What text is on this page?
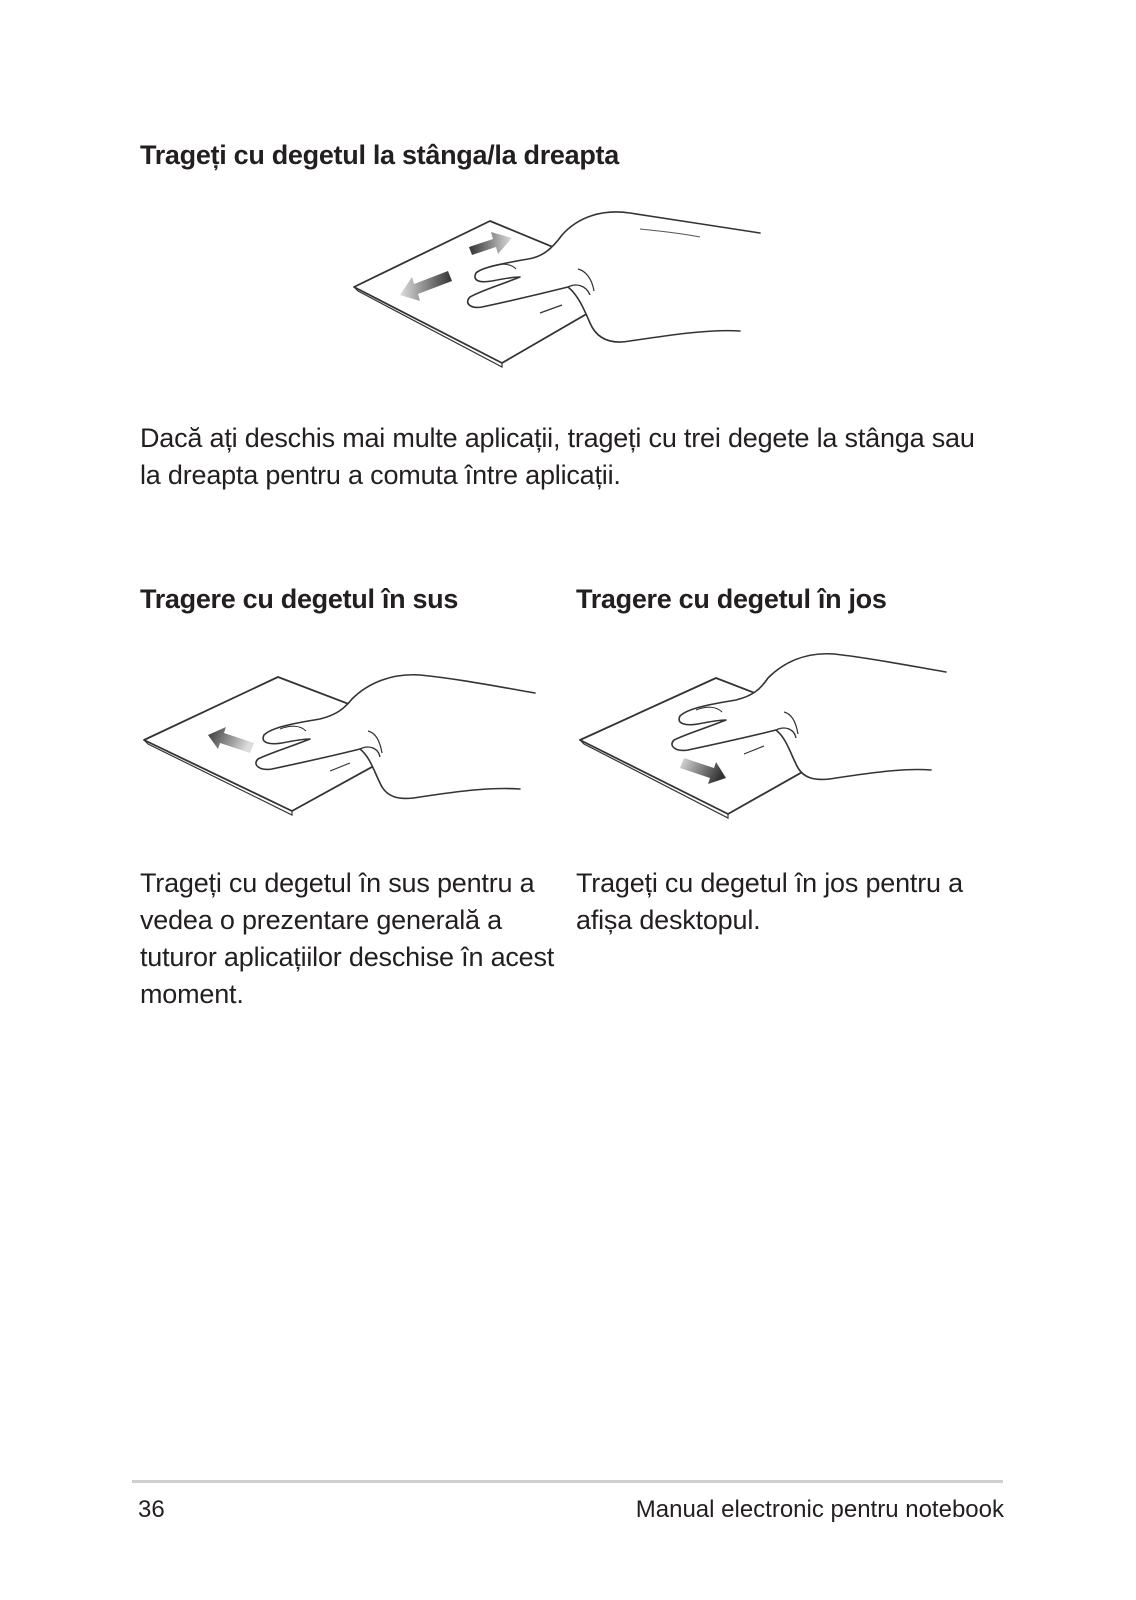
Trageți cu degetul la stânga/la dreapta

Dacă ați deschis mai multe aplicații, trageți cu trei degete la stânga sau la dreapta pentru a comuta între aplicații.

Tragere cu degetul în sus

Trageți cu degetul în sus pentru a vedea o prezentare generală a tuturor aplicațiilor deschise în acest moment.

Tragere cu degetul în jos

Trageți cu degetul în jos pentru a afișa desktopul.

36	Manual electronic pentru notebook
